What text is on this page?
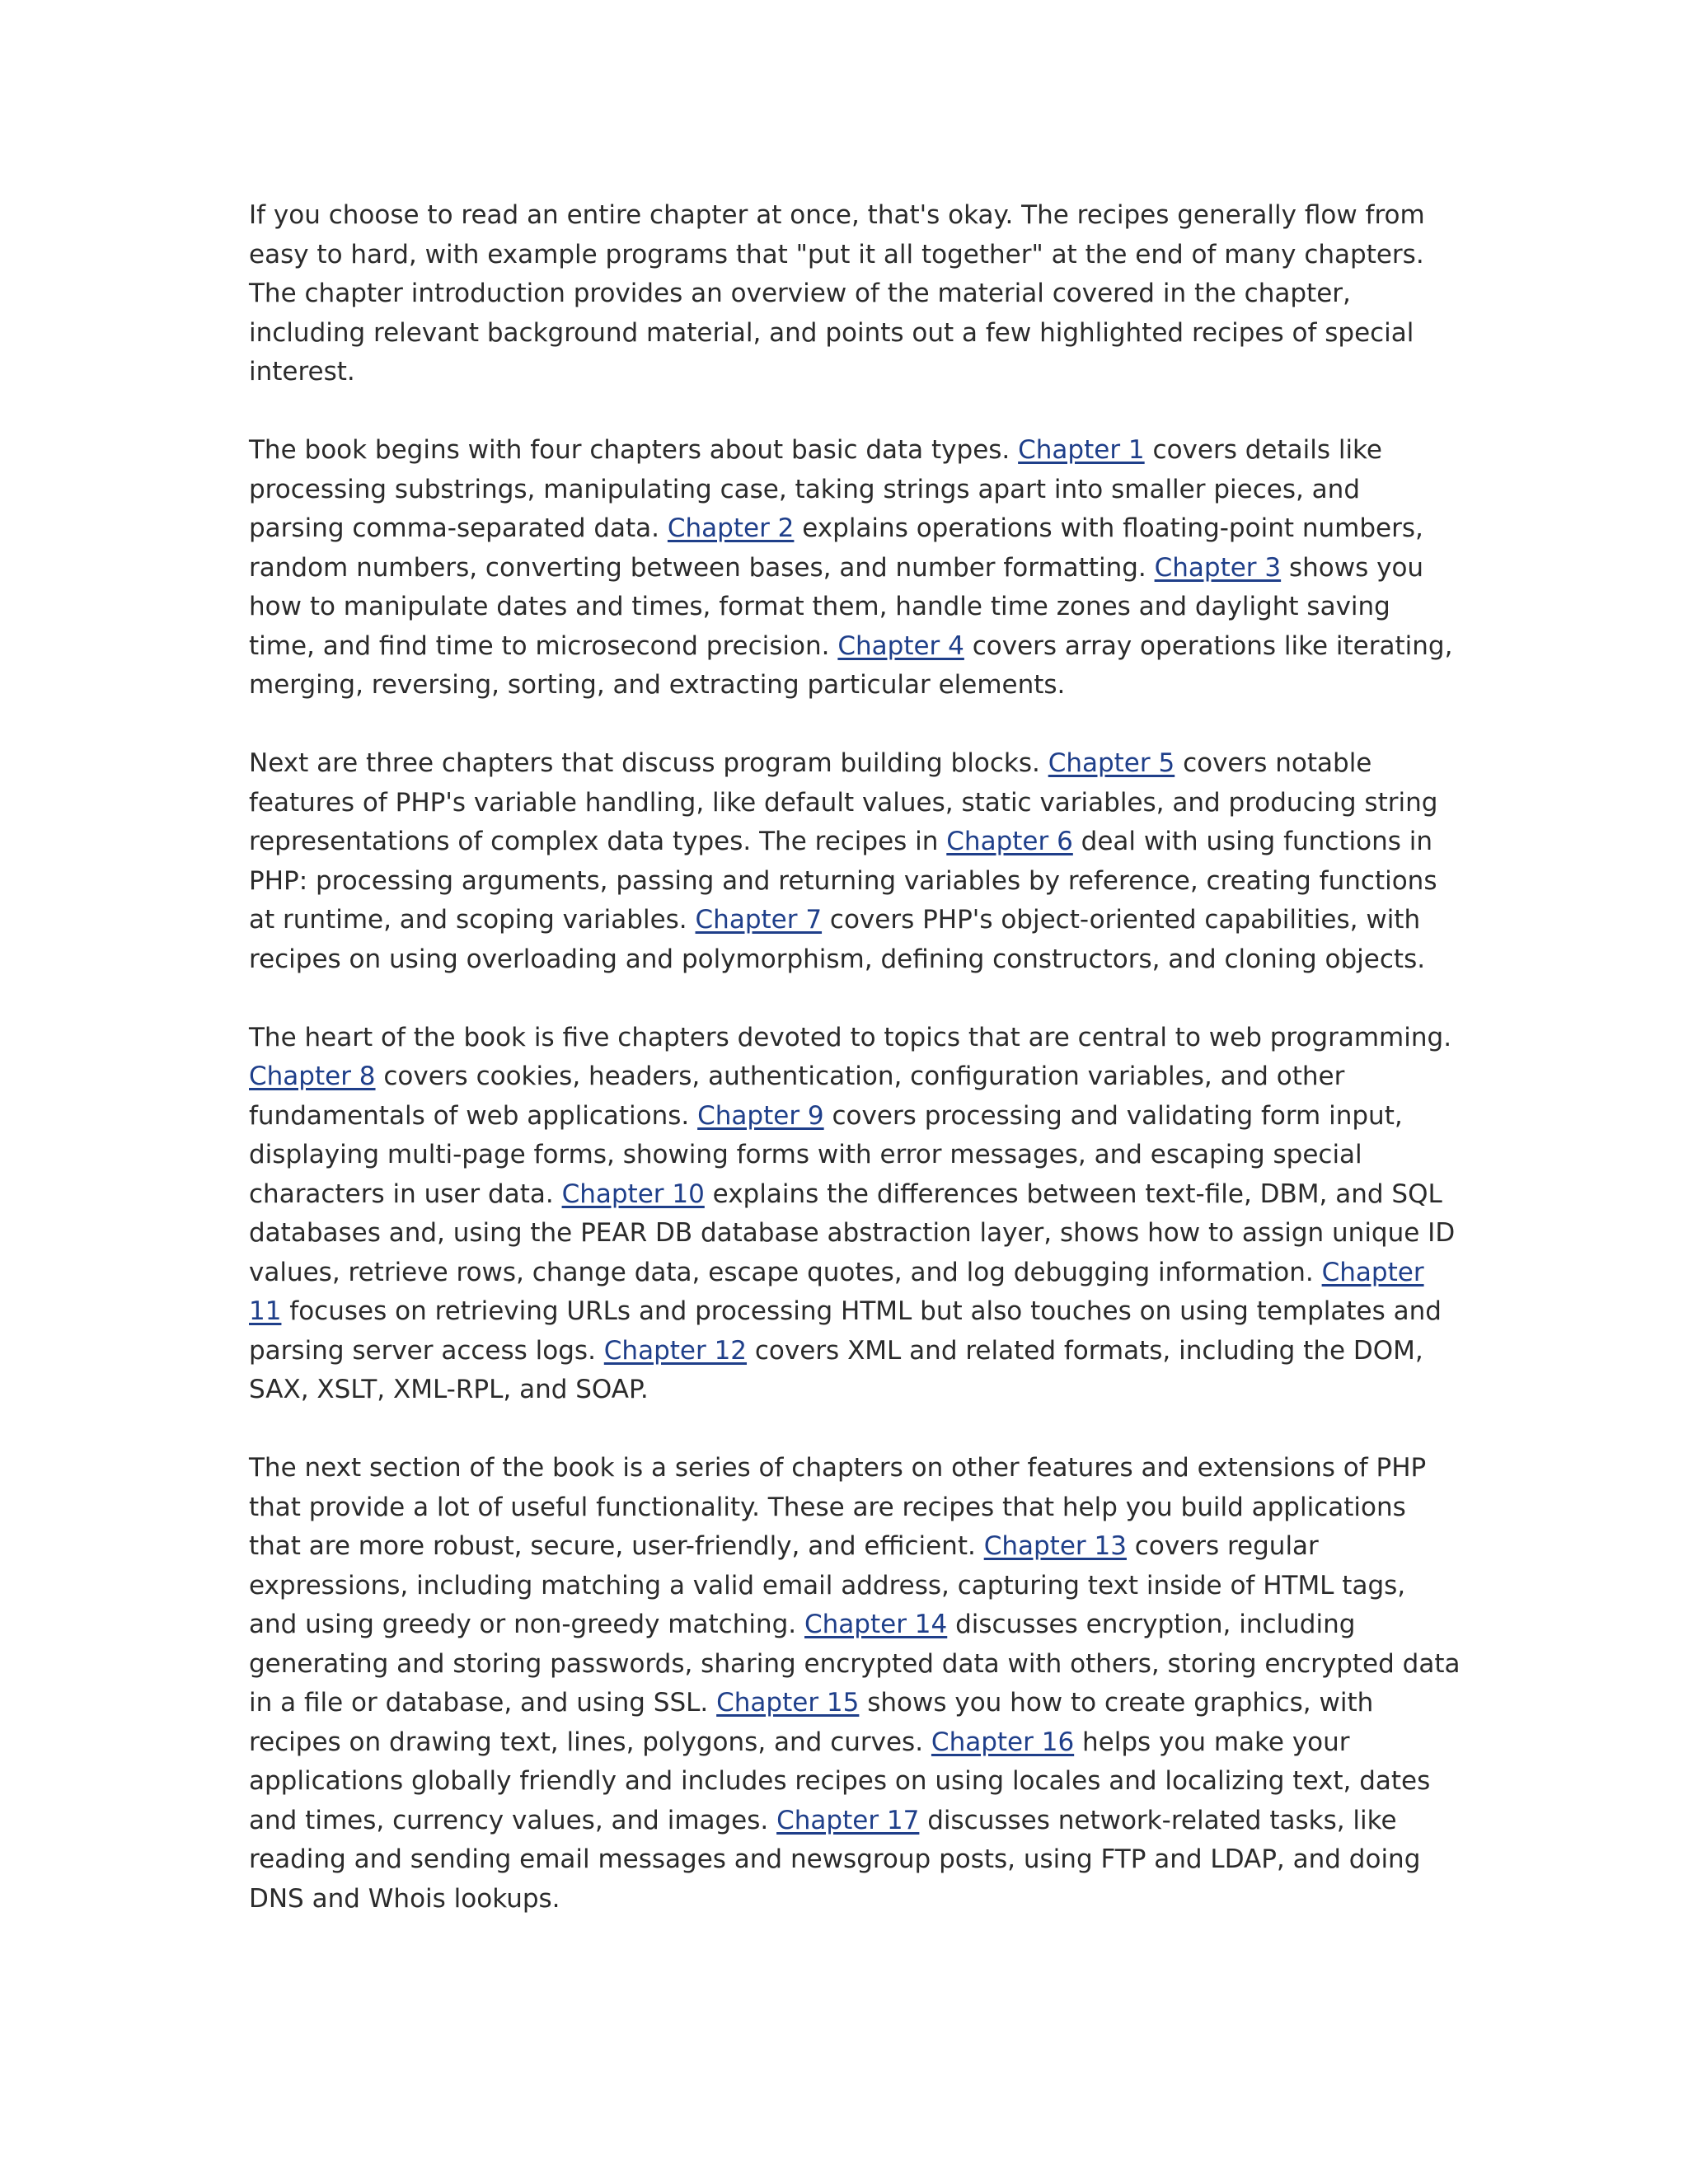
If you choose to read an entire chapter at once, that's okay. The recipes generally flow from easy to hard, with example programs that "put it all together" at the end of many chapters. The chapter introduction provides an overview of the material covered in the chapter, including relevant background material, and points out a few highlighted recipes of special interest.

The book begins with four chapters about basic data types. Chapter 1 covers details like processing substrings, manipulating case, taking strings apart into smaller pieces, and parsing comma-separated data. Chapter 2 explains operations with floating-point numbers, random numbers, converting between bases, and number formatting. Chapter 3 shows you how to manipulate dates and times, format them, handle time zones and daylight saving time, and find time to microsecond precision. Chapter 4 covers array operations like iterating, merging, reversing, sorting, and extracting particular elements.

Next are three chapters that discuss program building blocks. Chapter 5 covers notable features of PHP's variable handling, like default values, static variables, and producing string representations of complex data types. The recipes in Chapter 6 deal with using functions in PHP: processing arguments, passing and returning variables by reference, creating functions at runtime, and scoping variables. Chapter 7 covers PHP's object-oriented capabilities, with recipes on using overloading and polymorphism, defining constructors, and cloning objects.

The heart of the book is five chapters devoted to topics that are central to web programming. Chapter 8 covers cookies, headers, authentication, configuration variables, and other fundamentals of web applications. Chapter 9 covers processing and validating form input, displaying multi-page forms, showing forms with error messages, and escaping special characters in user data. Chapter 10 explains the differences between text-file, DBM, and SQL databases and, using the PEAR DB database abstraction layer, shows how to assign unique ID values, retrieve rows, change data, escape quotes, and log debugging information. Chapter 11 focuses on retrieving URLs and processing HTML but also touches on using templates and parsing server access logs. Chapter 12 covers XML and related formats, including the DOM, SAX, XSLT, XML-RPL, and SOAP.

The next section of the book is a series of chapters on other features and extensions of PHP that provide a lot of useful functionality. These are recipes that help you build applications that are more robust, secure, user-friendly, and efficient. Chapter 13 covers regular expressions, including matching a valid email address, capturing text inside of HTML tags, and using greedy or non-greedy matching. Chapter 14 discusses encryption, including generating and storing passwords, sharing encrypted data with others, storing encrypted data in a file or database, and using SSL. Chapter 15 shows you how to create graphics, with recipes on drawing text, lines, polygons, and curves. Chapter 16 helps you make your applications globally friendly and includes recipes on using locales and localizing text, dates and times, currency values, and images. Chapter 17 discusses network-related tasks, like reading and sending email messages and newsgroup posts, using FTP and LDAP, and doing DNS and Whois lookups.
